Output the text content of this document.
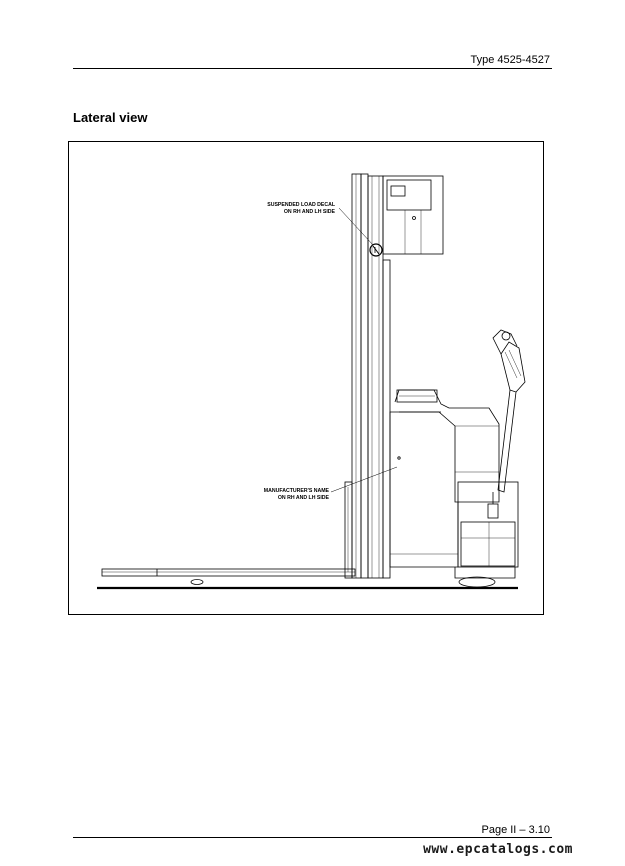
Type 4525-4527
Lateral view
SUSPENDED LOAD DECAL
ON RH AND LH SIDE
MANUFACTURER'S NAME
ON RH AND LH SIDE
Page II – 3.10
www.epcatalogs.com
